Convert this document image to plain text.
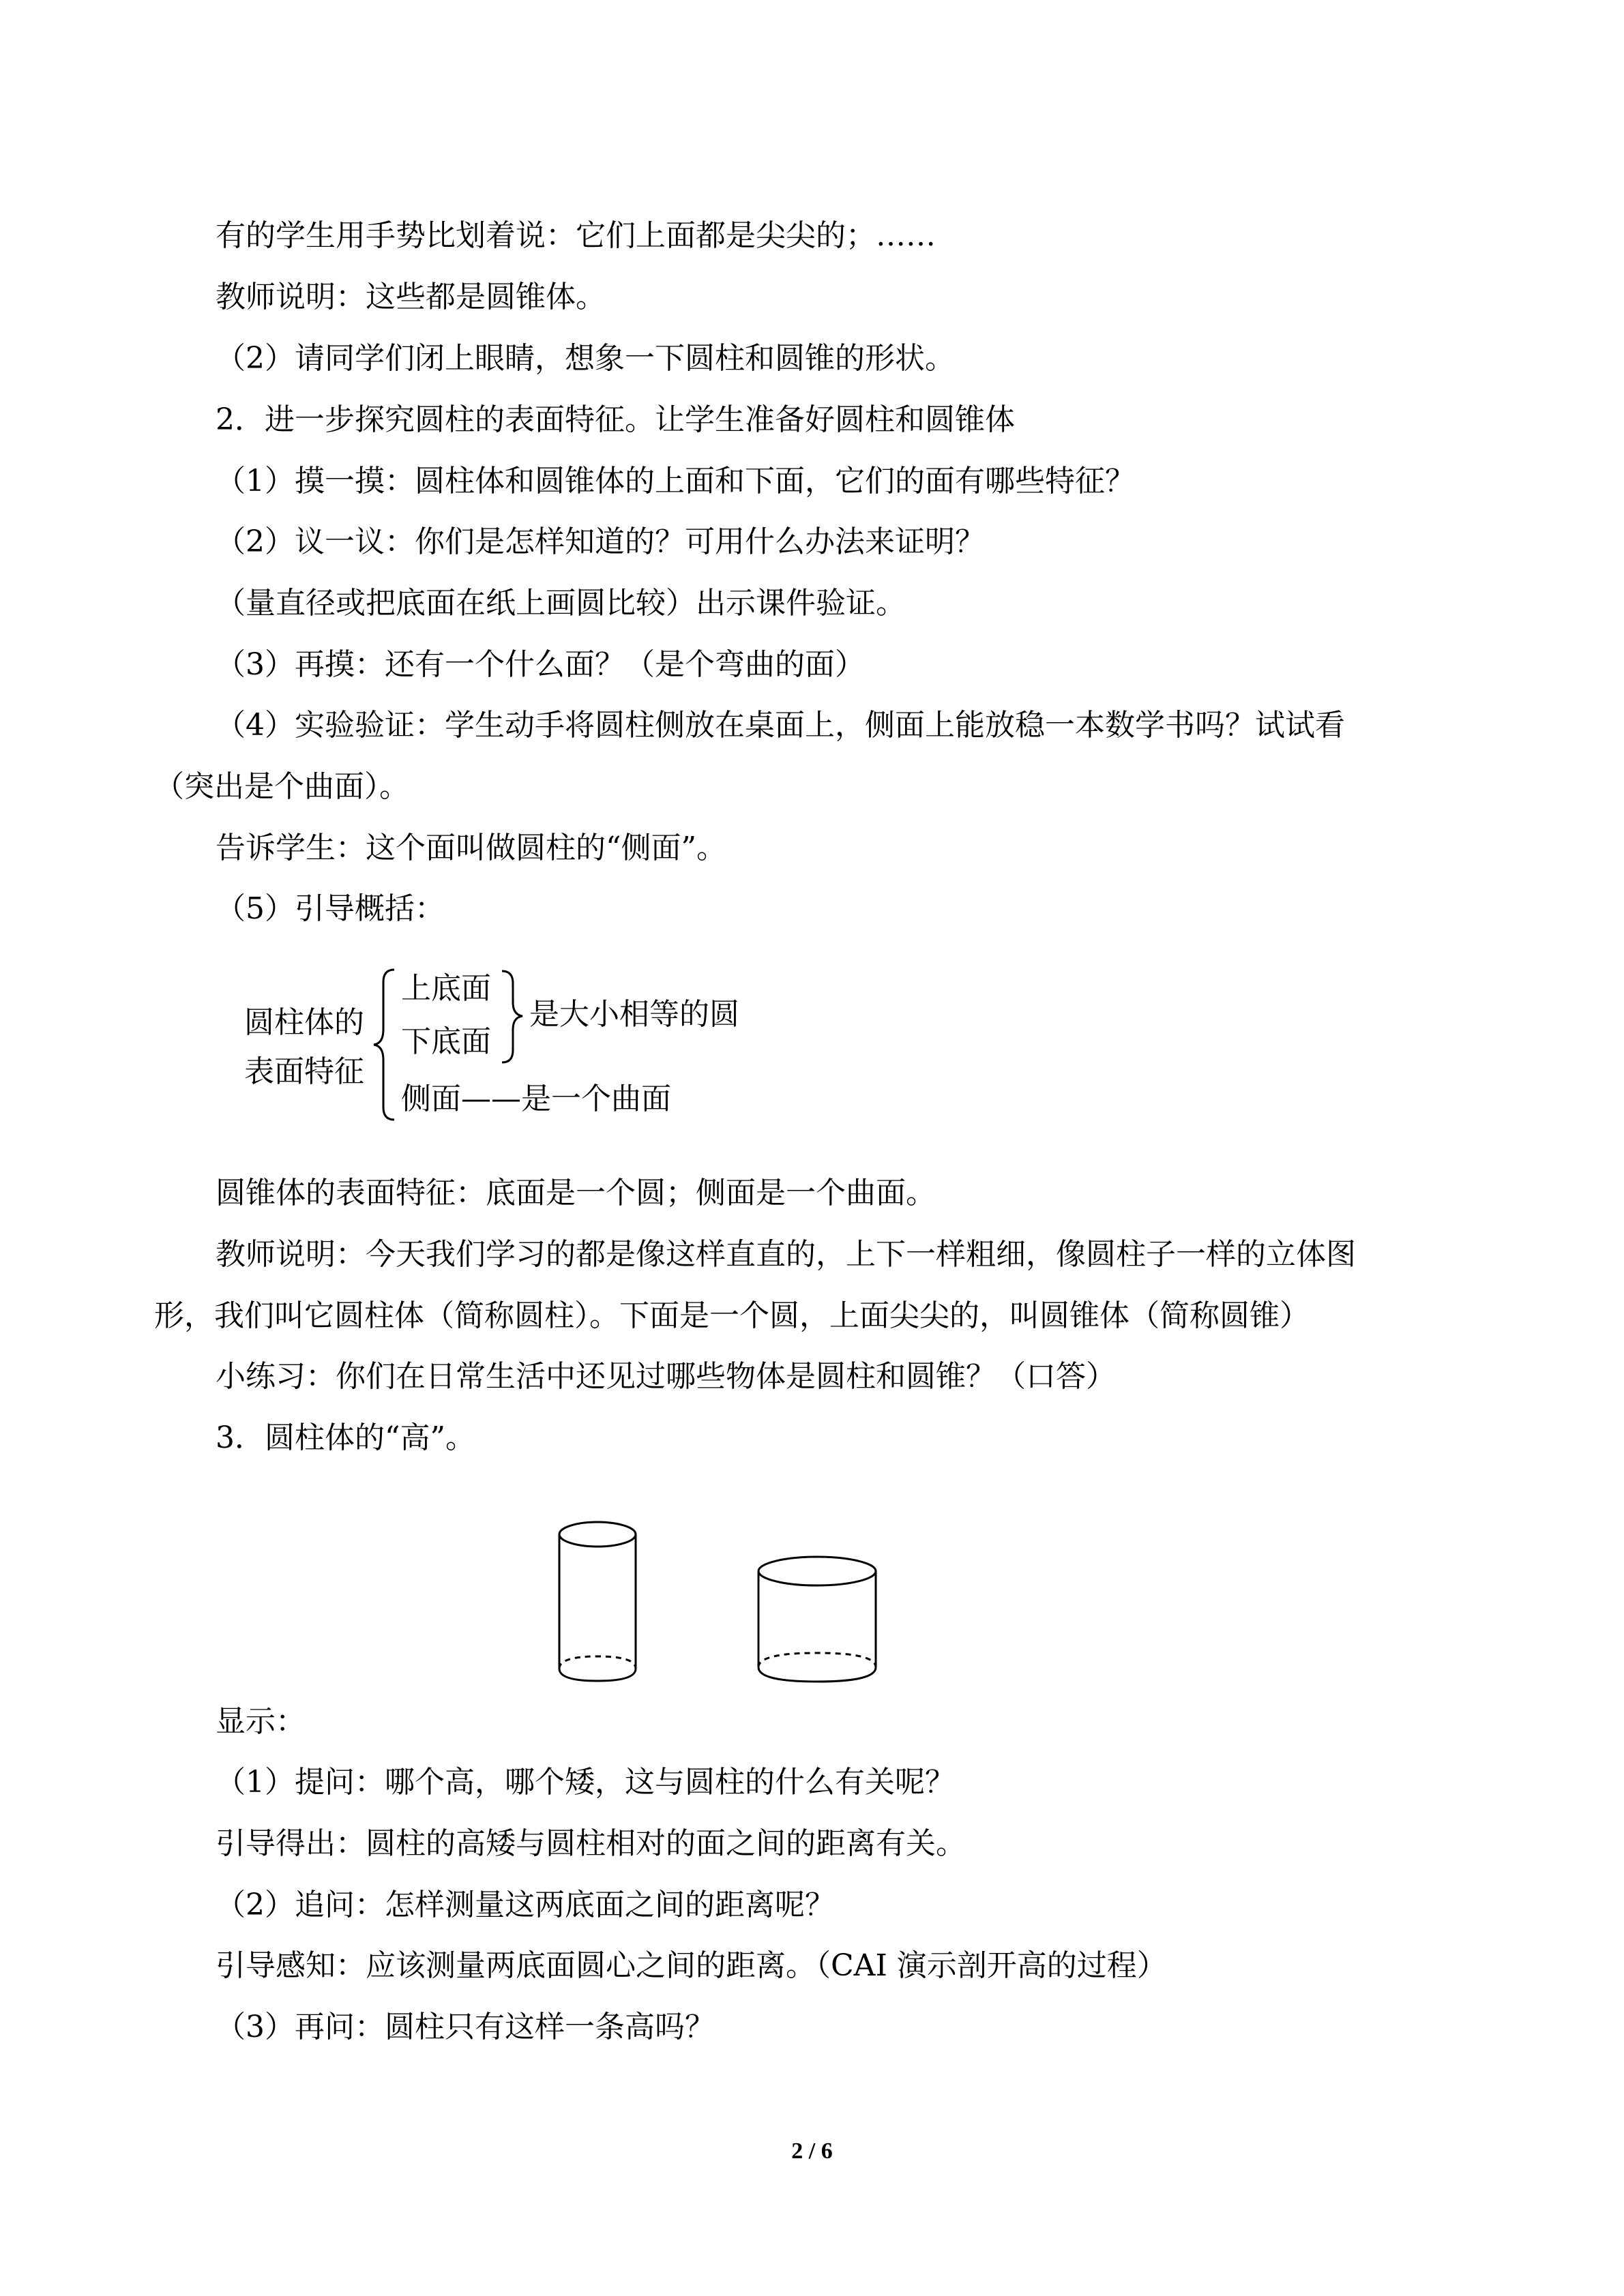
有的学生用手势比划着说：它们上面都是尖尖的；……
教师说明：这些都是圆锥体。
（2）请同学们闭上眼睛，想象一下圆柱和圆锥的形状。
2．进一步探究圆柱的表面特征。让学生准备好圆柱和圆锥体
（1）摸一摸：圆柱体和圆锥体的上面和下面，它们的面有哪些特征？
（2）议一议：你们是怎样知道的？可用什么办法来证明？
（量直径或把底面在纸上画圆比较）出示课件验证。
（3）再摸：还有一个什么面？（是个弯曲的面）
（4）实验验证：学生动手将圆柱侧放在桌面上，侧面上能放稳一本数学书吗？试试看
（突出是个曲面）。
告诉学生：这个面叫做圆柱的“侧面”。
（5）引导概括：
圆柱体的
表面特征
上底面
下底面
是大小相等的圆
侧面——是一个曲面
圆锥体的表面特征：底面是一个圆；侧面是一个曲面。
教师说明：今天我们学习的都是像这样直直的，上下一样粗细，像圆柱子一样的立体图
形，我们叫它圆柱体（简称圆柱）。下面是一个圆，上面尖尖的，叫圆锥体（简称圆锥）
小练习：你们在日常生活中还见过哪些物体是圆柱和圆锥？（口答）
3．圆柱体的“高”。
显示：
（1）提问：哪个高，哪个矮，这与圆柱的什么有关呢？
引导得出：圆柱的高矮与圆柱相对的面之间的距离有关。
（2）追问：怎样测量这两底面之间的距离呢？
引导感知：应该测量两底面圆心之间的距离。（CAI 演示剖开高的过程）
（3）再问：圆柱只有这样一条高吗？
2 / 6
